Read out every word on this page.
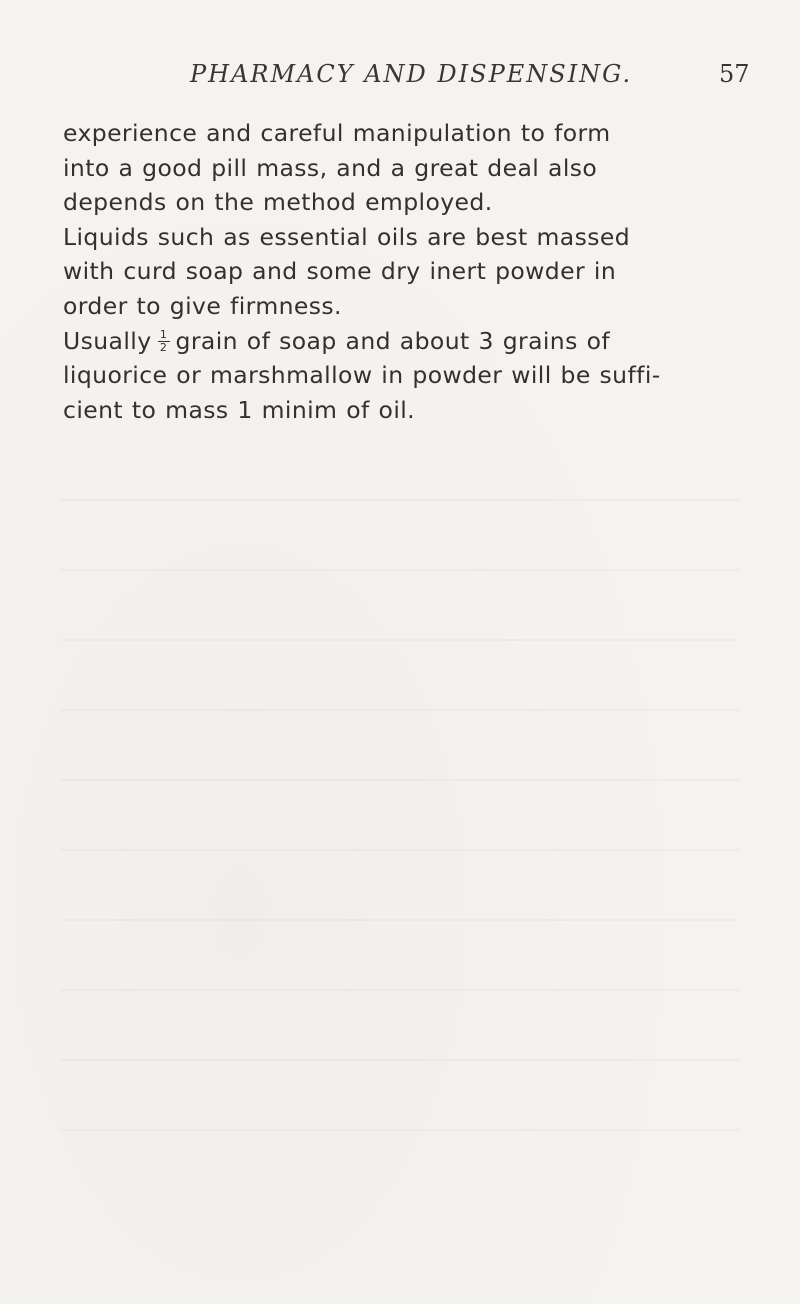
PHARMACY AND DISPENSING.	57
experience and careful manipulation to form
into a good pill mass, and a great deal also
depends on the method employed.
Liquids such as essential oils are best massed
with curd soap and some dry inert powder in
order to give firmness.
Usually $\frac{1}{2}$ grain of soap and about 3 grains of
liquorice or marshmallow in powder will be suffi-
cient to mass 1 minim of oil.
